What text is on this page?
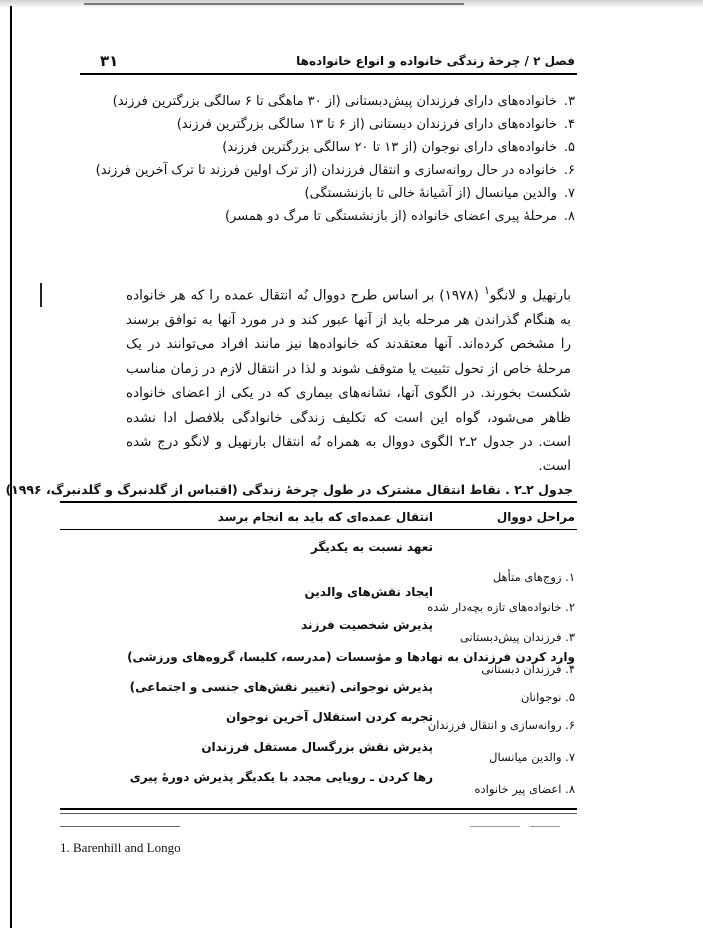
فصل ۲ / چرخهٔ زندگی خانواده و انواع خانواده‌ها
۳۱
۳.خانواده‌های دارای فرزندان پیش‌دبستانی (از ۳۰ ماهگی تا ۶ سالگی بزرگترین فرزند)
۴.خانواده‌های دارای فرزندان دبستانی (از ۶ تا ۱۳ سالگی بزرگترین فرزند)
۵.خانواده‌های دارای نوجوان (از ۱۳ تا ۲۰ سالگی بزرگترین فرزند)
۶.خانواده در حال روانه‌سازی و انتقال فرزندان (از ترک اولین فرزند تا ترک آخرین فرزند)
۷.والدین میانسال (از آشیانهٔ خالی تا بازنشستگی)
۸.مرحلهٔ پیری اعضای خانواده (از بازنشستگی تا مرگ دو همسر)

بارنهیل و لانگو$^۱$ (۱۹۷۸) بر اساس طرح دووال نُه انتقال عمده را که هر خانواده به هنگام گذراندن هر مرحله باید از آنها عبور کند و در مورد آنها به توافق برسند را مشخص کرده‌اند. آنها معتقدند که خانواده‌ها نیز مانند افراد می‌توانند در یک مرحلهٔ خاص از تحول تثبیت یا متوقف شوند و لذا در انتقال لازم در زمان مناسب شکست بخورند. در الگوی آنها، نشانه‌های بیماری که در یکی از اعضای خانواده ظاهر می‌شود، گواه این است که تکلیف زندگی خانوادگی بلافصل ادا نشده است. در جدول ۲ـ۲ الگوی دووال به همراه نُه انتقال بارنهیل و لانگو درج شده است.

جدول ۲ـ۲ . نقاط انتقال مشترک در طول چرخهٔ زندگی (اقتباس از گلدنبرگ و گلدنبرگ، ۱۹۹۶)
مراحل دووال
انتقال عمده‌ای که باید به انجام برسد
تعهد نسبت به یکدیگر
۱. زوج‌های متأهل
ایجاد نقش‌های والدین
۲. خانواده‌های تازه بچه‌دار شده
پذیرش شخصیت فرزند
۳. فرزندان پیش‌دبستانی
وارد کردن فرزندان به نهادها و مؤسسات (مدرسه، کلیسا، گروه‌های ورزشی)
۴. فرزندان دبستانی
پذیرش نوجوانی (تغییر نقش‌های جنسی و اجتماعی)
۵. نوجوانان
تجربه کردن استقلال آخرین نوجوان
۶. روانه‌سازی و انتقال فرزندان
پذیرش نقش بزرگسال مستقل فرزندان
۷. والدین میانسال
رها کردن ـ رویایی مجدد با یکدیگر پذیرش دورهٔ پیری
۸. اعضای پیر خانواده
1. Barenhill and Longo
